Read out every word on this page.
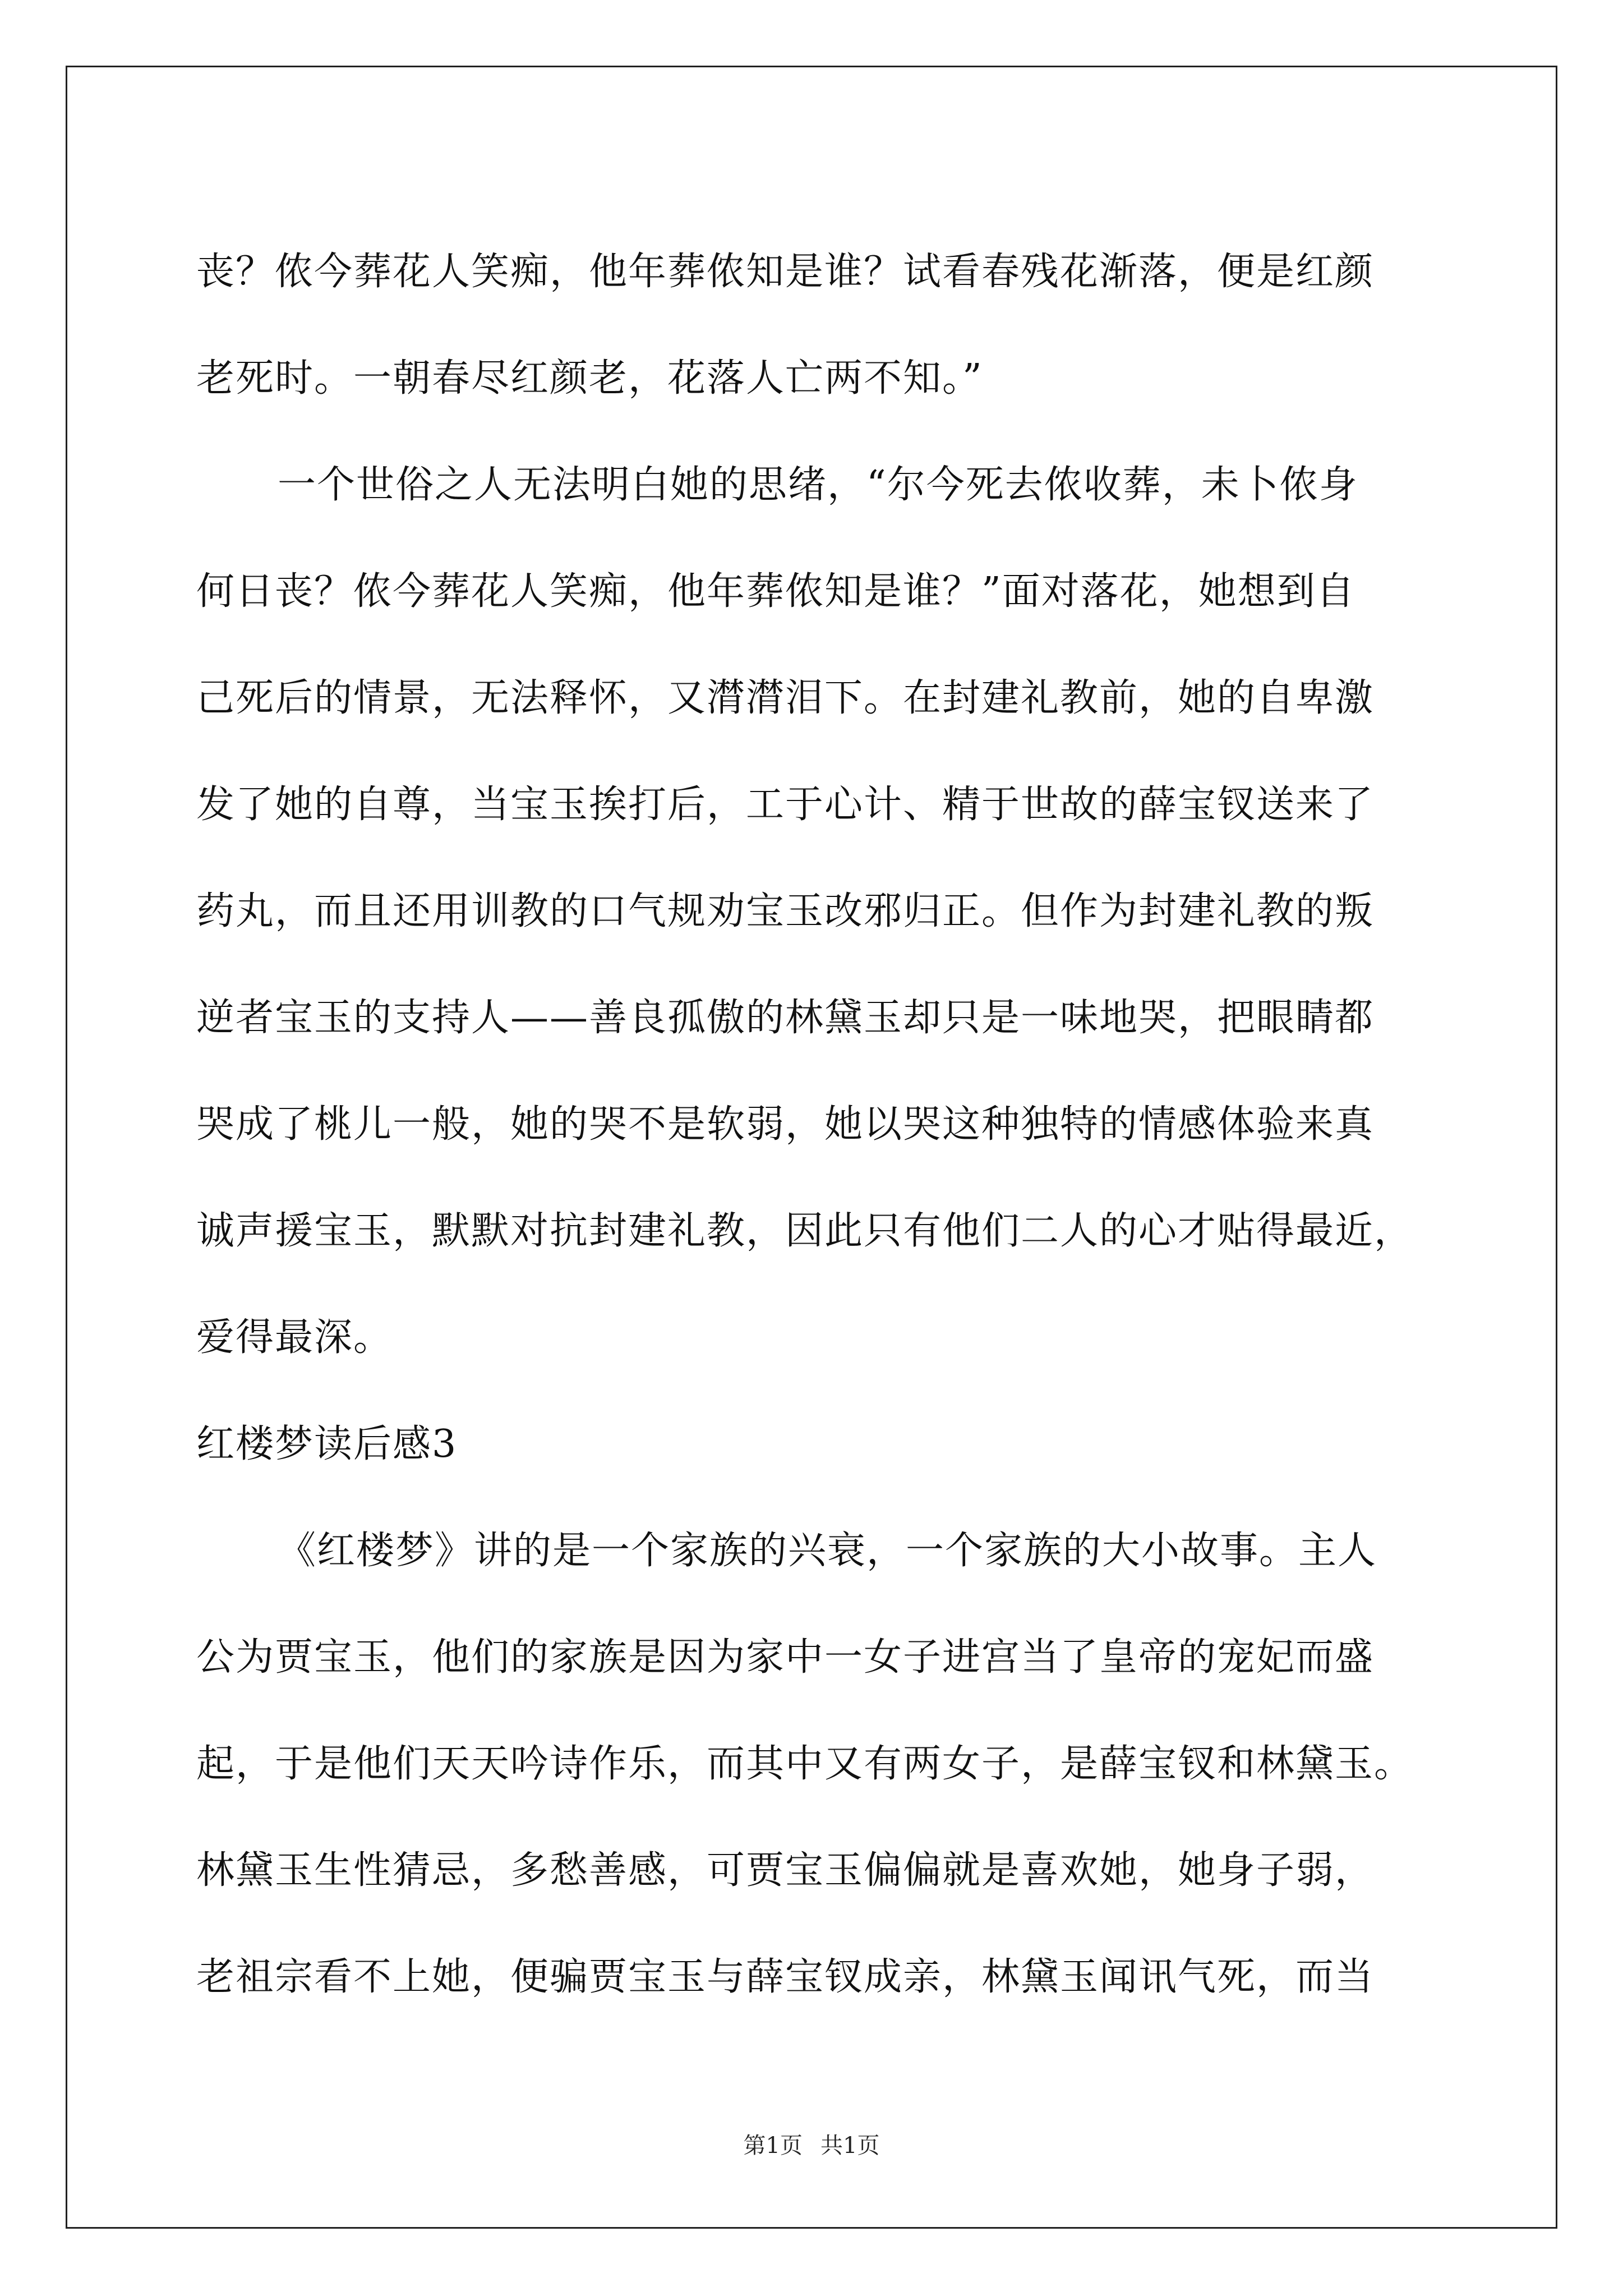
丧？侬今葬花人笑痴，他年葬侬知是谁？试看春残花渐落，便是红颜
老死时。一朝春尽红颜老，花落人亡两不知。”
一个世俗之人无法明白她的思绪，“尔今死去侬收葬，未卜侬身
何日丧？侬今葬花人笑痴，他年葬侬知是谁？”面对落花，她想到自
己死后的情景，无法释怀，又潸潸泪下。在封建礼教前，她的自卑激
发了她的自尊，当宝玉挨打后，工于心计、精于世故的薛宝钗送来了
药丸，而且还用训教的口气规劝宝玉改邪归正。但作为封建礼教的叛
逆者宝玉的支持人——善良孤傲的林黛玉却只是一味地哭，把眼睛都
哭成了桃儿一般，她的哭不是软弱，她以哭这种独特的情感体验来真
诚声援宝玉，默默对抗封建礼教，因此只有他们二人的心才贴得最近，
爱得最深。
红楼梦读后感3
《红楼梦》讲的是一个家族的兴衰，一个家族的大小故事。主人
公为贾宝玉，他们的家族是因为家中一女子进宫当了皇帝的宠妃而盛
起，于是他们天天吟诗作乐，而其中又有两女子，是薛宝钗和林黛玉。
林黛玉生性猜忌，多愁善感，可贾宝玉偏偏就是喜欢她，她身子弱，
老祖宗看不上她，便骗贾宝玉与薛宝钗成亲，林黛玉闻讯气死，而当
第1页 共1页
